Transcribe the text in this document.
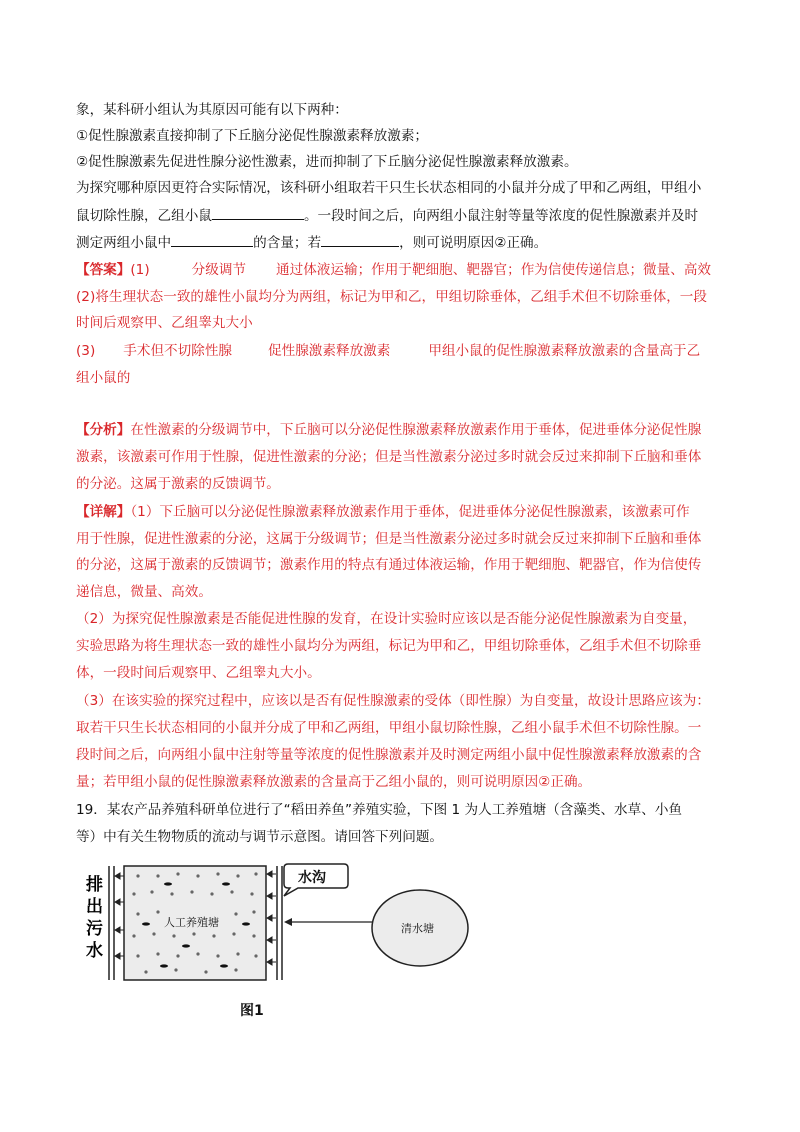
象，某科研小组认为其原因可能有以下两种：
①促性腺激素直接抑制了下丘脑分泌促性腺激素释放激素；
②促性腺激素先促进性腺分泌性激素，进而抑制了下丘脑分泌促性腺激素释放激素。
为探究哪种原因更符合实际情况，该科研小组取若干只生长状态相同的小鼠并分成了甲和乙两组，甲组小
鼠切除性腺，乙组小鼠	。一段时间之后，向两组小鼠注射等量等浓度的促性腺激素并及时
测定两组小鼠中	的含量；若	，则可说明原因②正确。
【答案】(1)	分级调节 通过体液运输；作用于靶细胞、靶器官；作为信使传递信息；微量、高效
(2)将生理状态一致的雄性小鼠均分为两组，标记为甲和乙，甲组切除垂体，乙组手术但不切除垂体，一段
时间后观察甲、乙组睾丸大小
(3) 手术但不切除性腺	促性腺激素释放激素	甲组小鼠的促性腺激素释放激素的含量高于乙
组小鼠的
【分析】在性激素的分级调节中，下丘脑可以分泌促性腺激素释放激素作用于垂体，促进垂体分泌促性腺
激素，该激素可作用于性腺，促进性激素的分泌；但是当性激素分泌过多时就会反过来抑制下丘脑和垂体
的分泌。这属于激素的反馈调节。
【详解】（1）下丘脑可以分泌促性腺激素释放激素作用于垂体，促进垂体分泌促性腺激素，该激素可作
用于性腺，促进性激素的分泌，这属于分级调节；但是当性激素分泌过多时就会反过来抑制下丘脑和垂体
的分泌，这属于激素的反馈调节；激素作用的特点有通过体液运输，作用于靶细胞、靶器官，作为信使传
递信息，微量、高效。
（2）为探究促性腺激素是否能促进性腺的发育，在设计实验时应该以是否能分泌促性腺激素为自变量，
实验思路为将生理状态一致的雄性小鼠均分为两组，标记为甲和乙，甲组切除垂体，乙组手术但不切除垂
体，一段时间后观察甲、乙组睾丸大小。
（3）在该实验的探究过程中，应该以是否有促性腺激素的受体（即性腺）为自变量，故设计思路应该为：
取若干只生长状态相同的小鼠并分成了甲和乙两组，甲组小鼠切除性腺，乙组小鼠手术但不切除性腺。一
段时间之后，向两组小鼠中注射等量等浓度的促性腺激素并及时测定两组小鼠中促性腺激素释放激素的含
量；若甲组小鼠的促性腺激素释放激素的含量高于乙组小鼠的，则可说明原因②正确。
19．某农产品养殖科研单位进行了“稻田养鱼”养殖实验，下图 1 为人工养殖塘（含藻类、水草、小鱼
等）中有关生物物质的流动与调节示意图。请回答下列问题。
排
出
污
水
人工养殖塘
水沟
清水塘
图1
